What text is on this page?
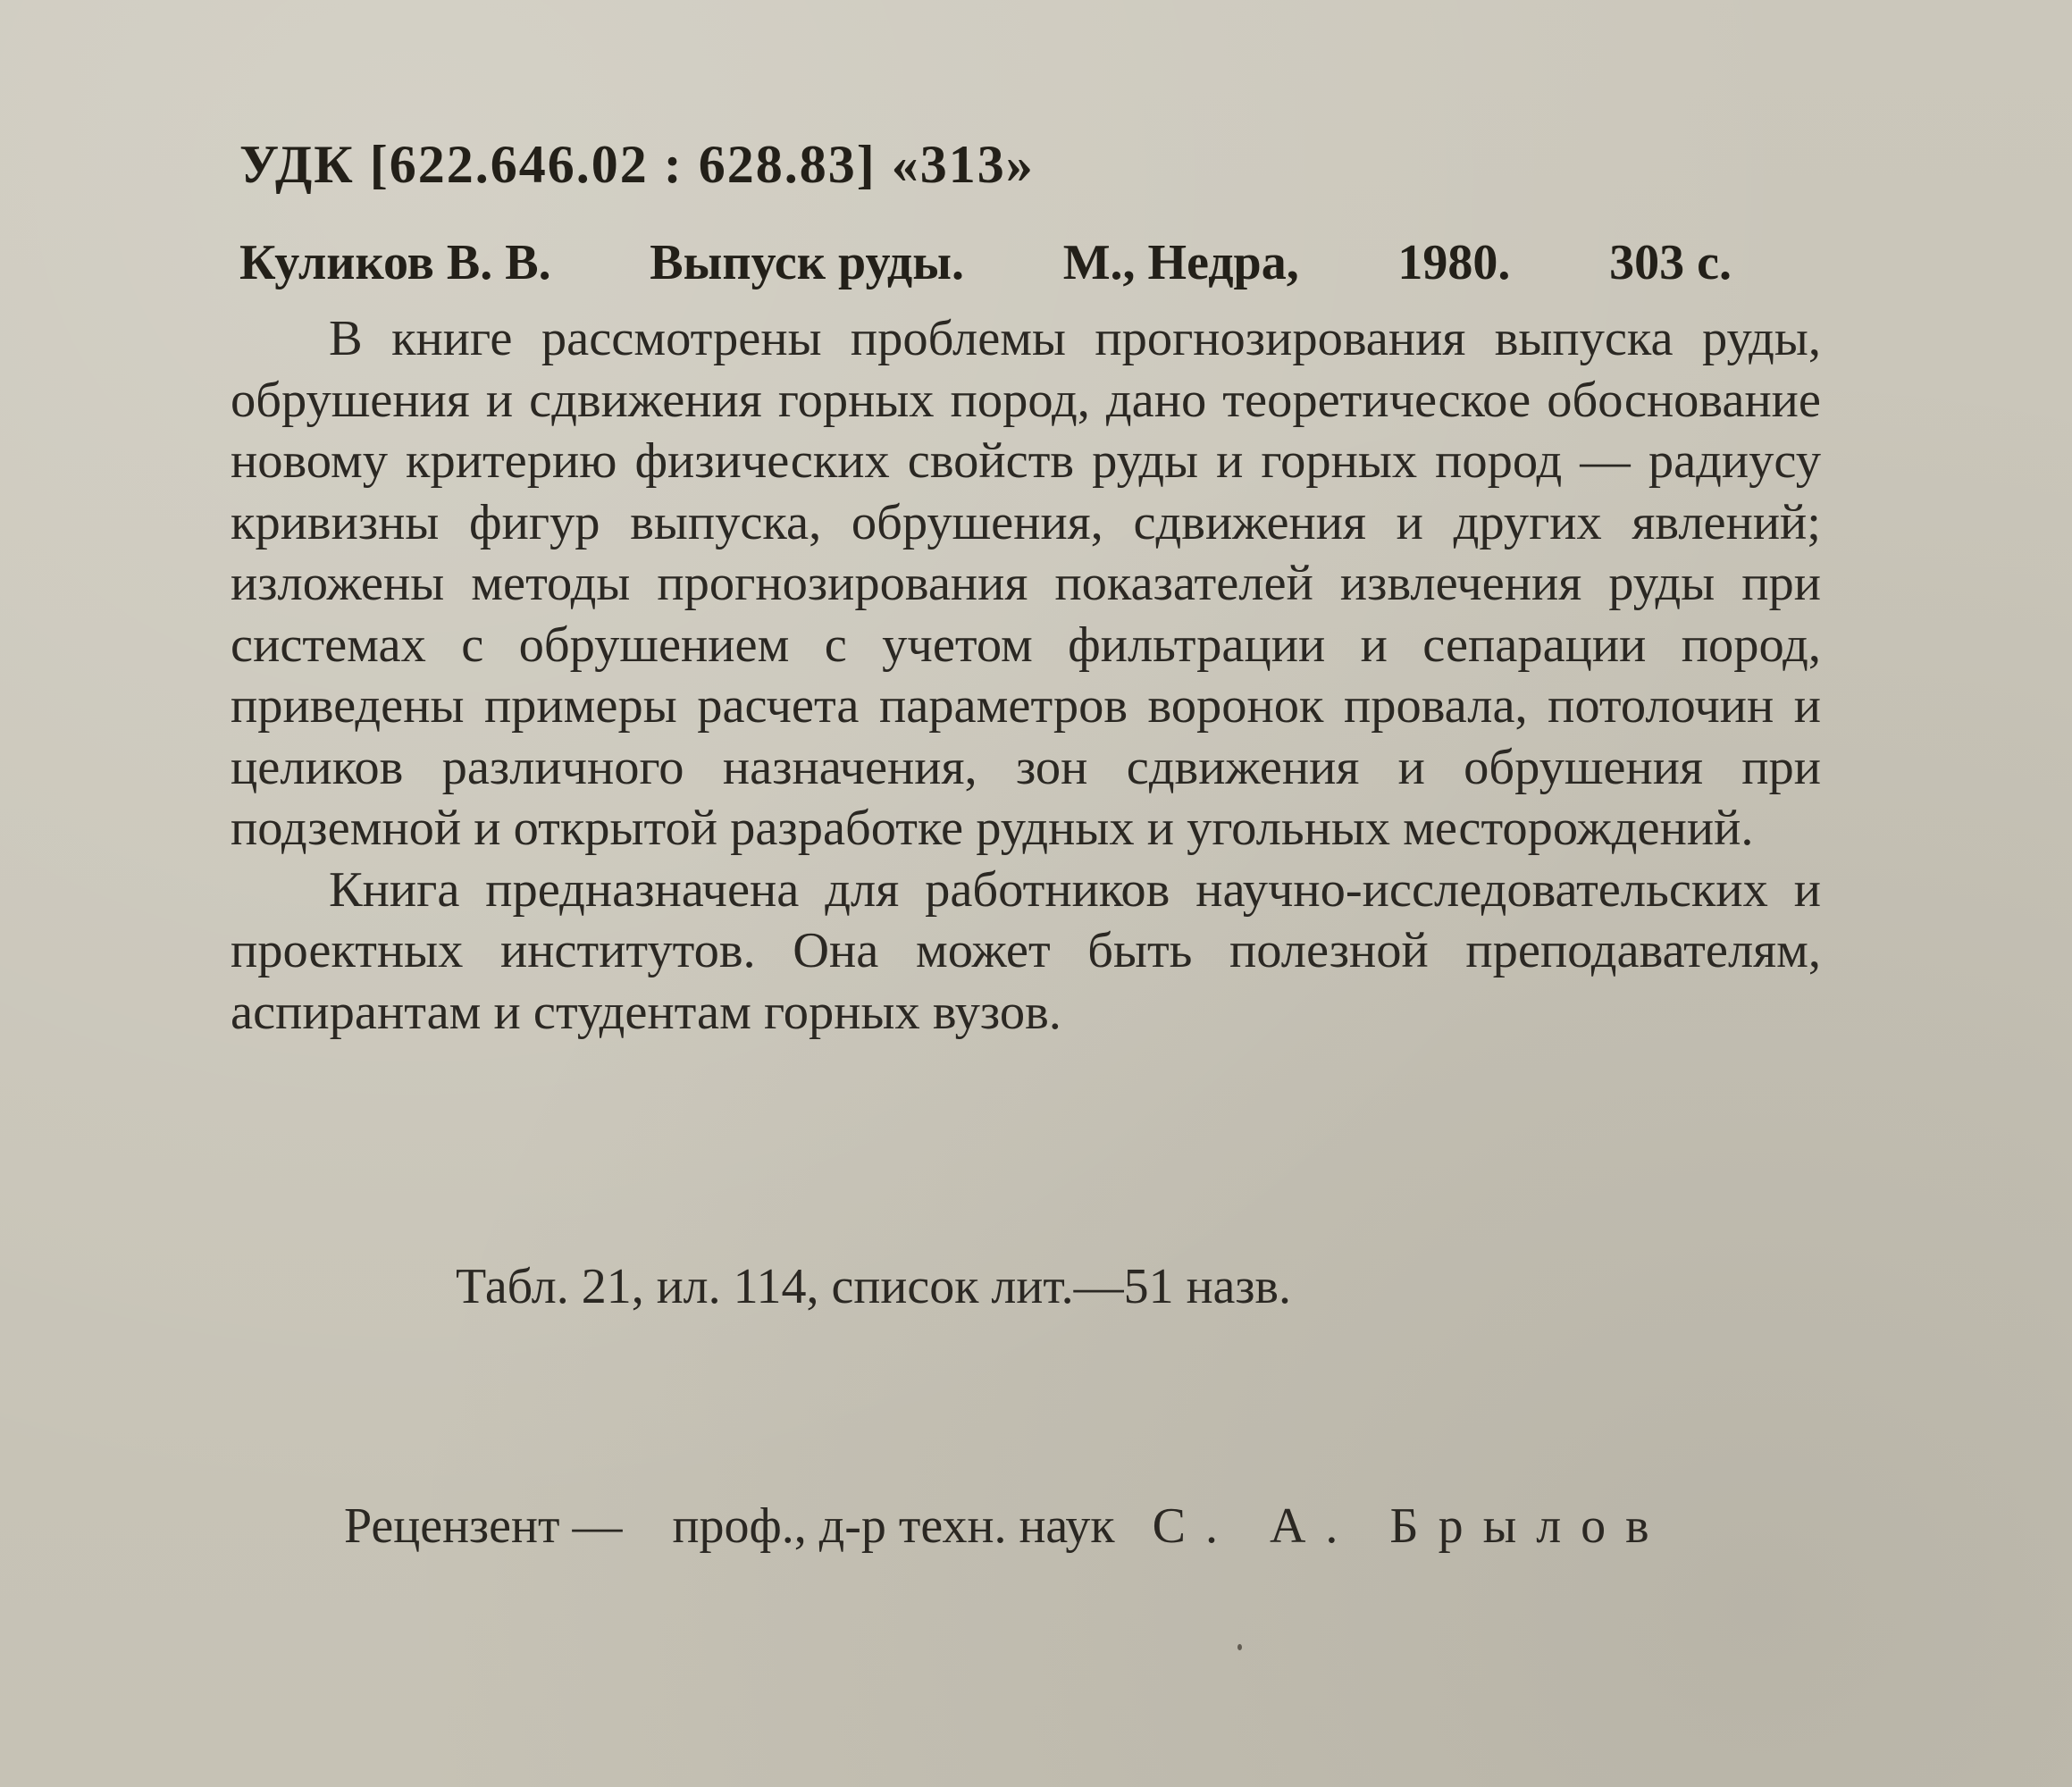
УДК [622.646.02 : 628.83] «313»
Куликов В. В. Выпуск руды. М., Недра, 1980. 303 с.

В книге рассмотрены проблемы прогнозирования выпуска руды, обрушения и сдвижения горных пород, дано теоретическое обоснование новому критерию физических свойств руды и горных пород — радиусу кривизны фигур выпуска, обрушения, сдвижения и других явлений; изложены методы прогнозирования показателей извлечения руды при системах с обрушением с учетом фильтрации и сепарации пород, приведены примеры расчета параметров воронок провала, потолочин и целиков различного назначения, зон сдвижения и обрушения при подземной и открытой разработке рудных и угольных месторождений.

Книга предназначена для работников научно-исследовательских и проектных институтов. Она может быть полезной преподавателям, аспирантам и студентам горных вузов.

Табл. 21, ил. 114, список лит.—51 назв.
Рецензент — проф., д-р техн. наук С. А. Брылов
